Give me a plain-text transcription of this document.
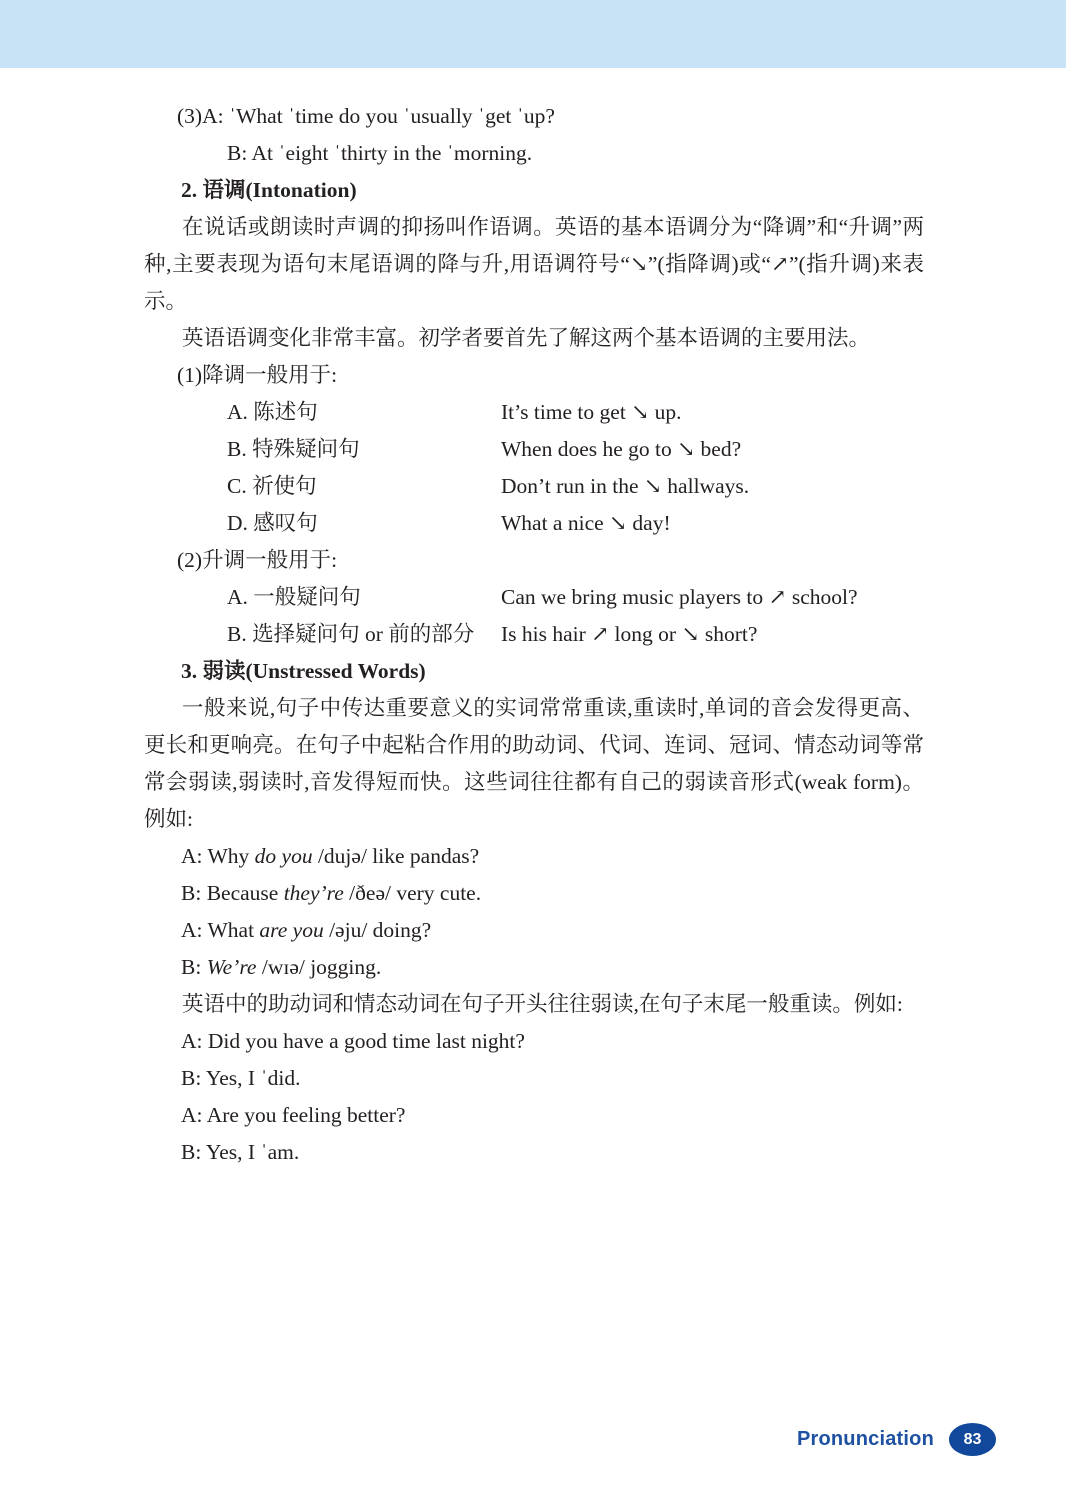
(3)A: ˈWhat ˈtime do you ˈusually ˈget ˈup?

B: At ˈeight ˈthirty in the ˈmorning.

2. 语调(Intonation)

在说话或朗读时声调的抑扬叫作语调。英语的基本语调分为“降调”和“升调”两种,主要表现为语句末尾语调的降与升,用语调符号“↘”(指降调)或“↗”(指升调)来表示。

英语语调变化非常丰富。初学者要首先了解这两个基本语调的主要用法。

(1)降调一般用于:

A. 陈述句	It’s time to get ↘ up.
B. 特殊疑问句	When does he go to ↘ bed?
C. 祈使句	Don’t run in the ↘ hallways.
D. 感叹句	What a nice ↘ day!

(2)升调一般用于:

A. 一般疑问句	Can we bring music players to ↗ school?
B. 选择疑问句 or 前的部分	Is his hair ↗ long or ↘ short?

3. 弱读(Unstressed Words)

一般来说,句子中传达重要意义的实词常常重读,重读时,单词的音会发得更高、更长和更响亮。在句子中起粘合作用的助动词、代词、连词、冠词、情态动词等常常会弱读,弱读时,音发得短而快。这些词往往都有自己的弱读音形式(weak form)。例如:

A: Why do you /dujə/ like pandas?

B: Because they’re /ðeə/ very cute.

A: What are you /əju/ doing?

B: We’re /wɪə/ jogging.

英语中的助动词和情态动词在句子开头往往弱读,在句子末尾一般重读。例如:

A: Did you have a good time last night?

B: Yes, I ˈdid.

A: Are you feeling better?

B: Yes, I ˈam.

Pronunciation	83
